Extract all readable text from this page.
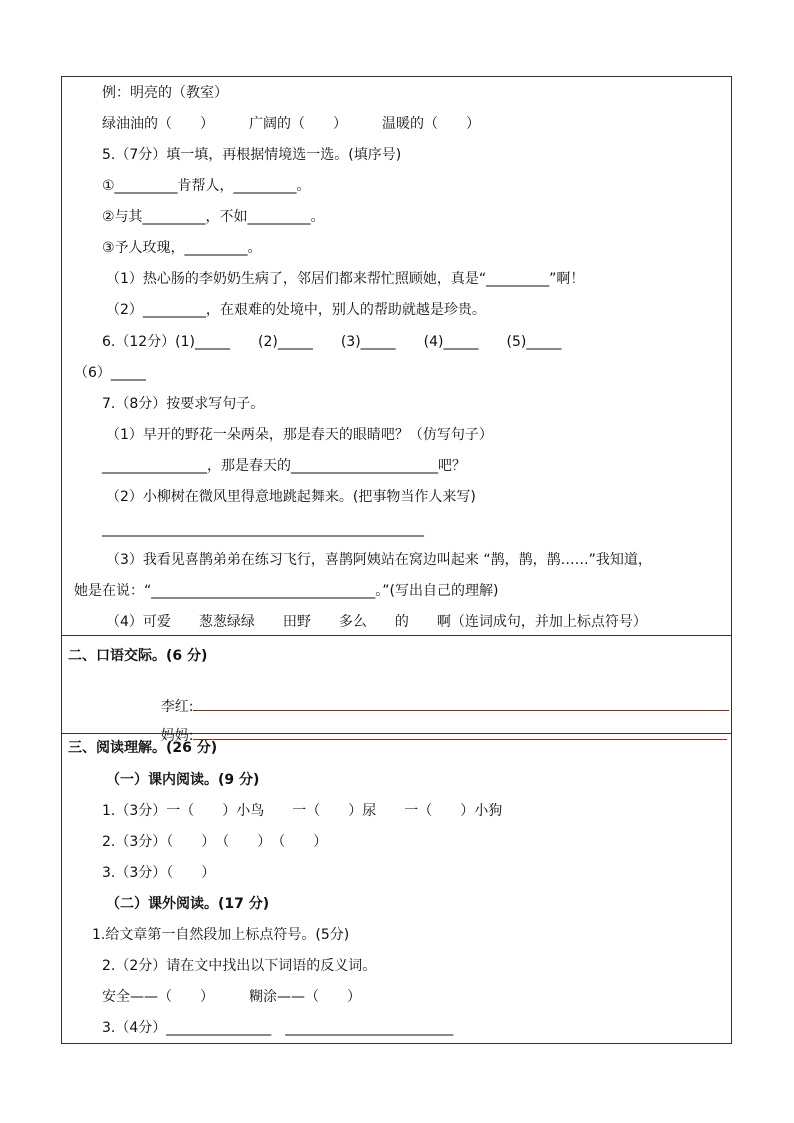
例：明亮的（教室）
绿油油的（　　）　　　广阔的（　　）　　　温暖的（　　）
5.（7分）填一填，再根据情境选一选。(填序号)
①_________肯帮人，_________。
②与其_________，不如_________。
③予人玫瑰，_________。
（1）热心肠的李奶奶生病了，邻居们都来帮忙照顾她，真是“_________”啊！
（2）_________，在艰难的处境中，别人的帮助就越是珍贵。
6.（12分）(1)_____　　(2)_____　　(3)_____　　(4)_____　　(5)_____
（6）_____
7.（8分）按要求写句子。
（1）早开的野花一朵两朵，那是春天的眼睛吧？（仿写句子）
_______________，那是春天的_____________________吧？
（2）小柳树在微风里得意地跳起舞来。(把事物当作人来写)
______________________________________________
（3）我看见喜鹊弟弟在练习飞行，喜鹊阿姨站在窝边叫起来 “鹊，鹊，鹊……”我知道，
她是在说：“________________________________。”(写出自己的理解)
（4）可爱　　葱葱绿绿　　田野　　多么　　的　　啊（连词成句，并加上标点符号）
二、口语交际。(6 分)

李红:

妈妈:

三、阅读理解。(26 分)
（一）课内阅读。(9 分)
1.（3分）一（　　）小鸟　　一（　　）尿　　一（　　）小狗
2.（3分）（　　）　（　　）　（　　）
3.（3分）（　　）
（二）课外阅读。(17 分)
1.给文章第一自然段加上标点符号。(5分)
2.（2分）请在文中找出以下词语的反义词。
安全——（　　）　　　糊涂——（　　）
3.（4分）_______________　________________________
